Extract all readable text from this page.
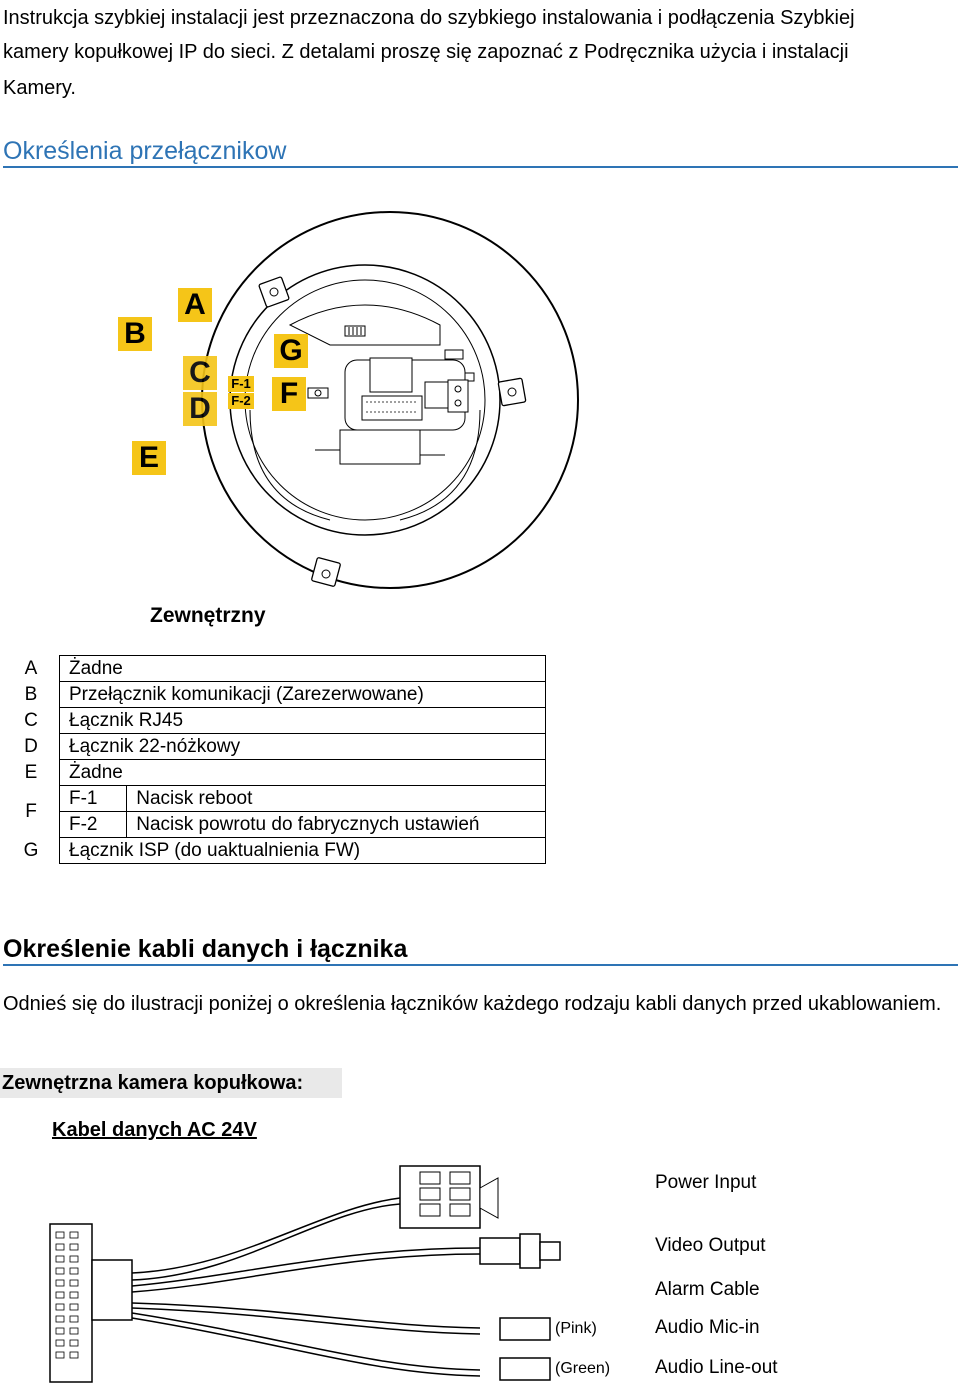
Instrukcja szybkiej instalacji jest przeznaczona do szybkiego instalowania i podłączenia Szybkiej
kamery kopułkowej IP do sieci. Z detalami proszę się zapoznać z Podręcznika użycia i instalacji
Kamery.
Określenia przełącznikow
A
B
C
D
E
F
G
F-1
F-2
Zewnętrzny
A	Żadne	
B	Przełącznik komunikacji (Zarezerwowane)	
C	Łącznik RJ45	
D	Łącznik 22-nóżkowy	
E	Żadne	
F	F-1	Nacisk reboot
	F-2	Nacisk powrotu do fabrycznych ustawień
G	Łącznik ISP (do uaktualnienia FW)	
Określenie kabli danych i łącznika
Odnieś się do ilustracji poniżej o określenia łączników każdego rodzaju kabli danych przed ukablowaniem.
Zewnętrzna kamera kopułkowa:
Kabel danych AC 24V
Power Input
Video Output
Alarm Cable
Audio Mic-in
Audio Line-out
(Pink)
(Green)
